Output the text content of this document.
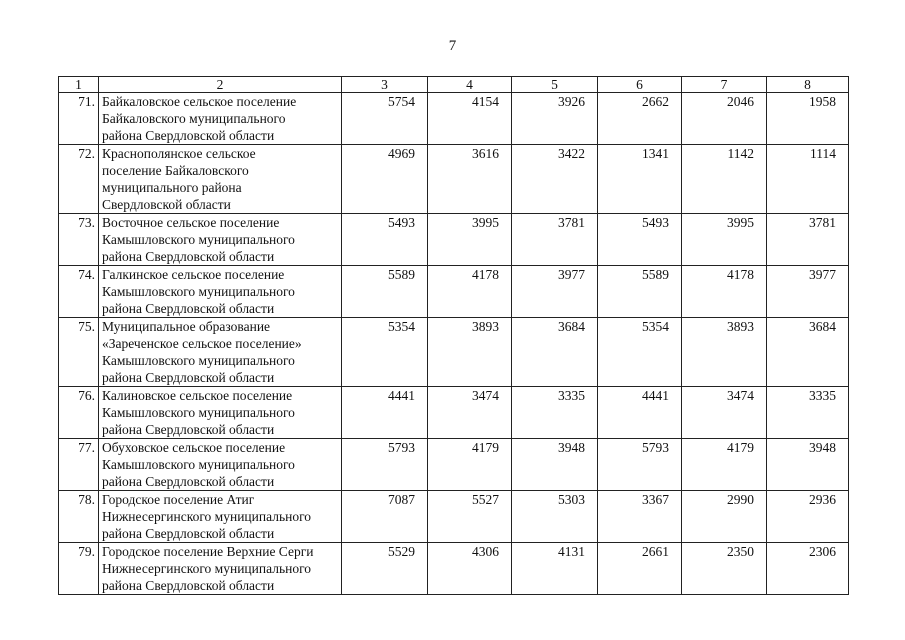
7
1	2	3	4	5	6	7	8
71.	Байкаловское сельское поселение
Байкаловского муниципального
района Свердловской области	5754	4154	3926	2662	2046	1958
72.	Краснополянское сельское
поселение Байкаловского
муниципального района
Свердловской области	4969	3616	3422	1341	1142	1114
73.	Восточное сельское поселение
Камышловского муниципального
района Свердловской области	5493	3995	3781	5493	3995	3781
74.	Галкинское сельское поселение
Камышловского муниципального
района Свердловской области	5589	4178	3977	5589	4178	3977
75.	Муниципальное образование
«Зареченское сельское поселение»
Камышловского муниципального
района Свердловской области	5354	3893	3684	5354	3893	3684
76.	Калиновское сельское поселение
Камышловского муниципального
района Свердловской области	4441	3474	3335	4441	3474	3335
77.	Обуховское сельское поселение
Камышловского муниципального
района Свердловской области	5793	4179	3948	5793	4179	3948
78.	Городское поселение Атиг
Нижнесергинского муниципального
района Свердловской области	7087	5527	5303	3367	2990	2936
79.	Городское поселение Верхние Серги
Нижнесергинского муниципального
района Свердловской области	5529	4306	4131	2661	2350	2306
